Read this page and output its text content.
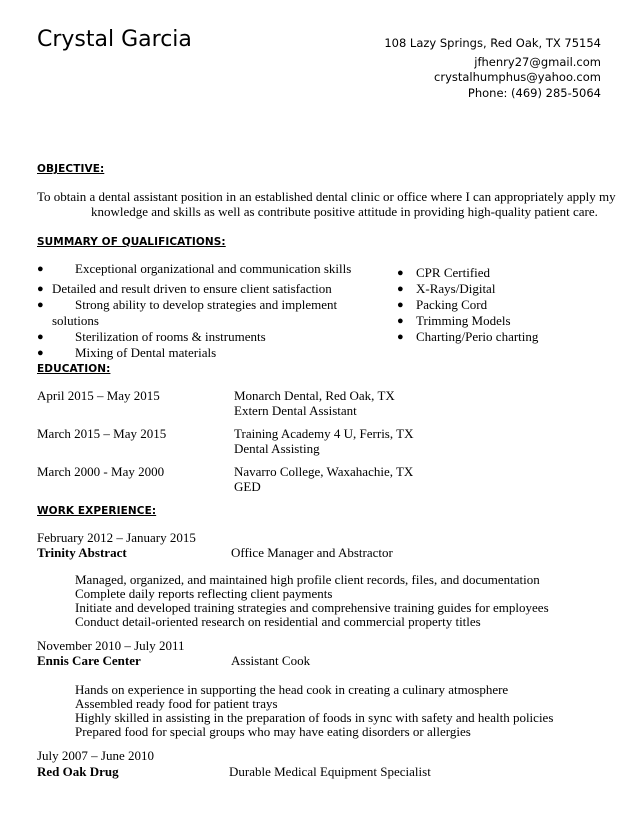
Crystal Garcia	108 Lazy Springs, Red Oak, TX 75154
jfhenry27@gmail.com
crystalhumphus@yahoo.com
Phone: (469) 285-5064
OBJECTIVE:
To obtain a dental assistant position in an established dental clinic or office where I can appropriately apply my
knowledge and skills as well as contribute positive attitude in providing high-quality patient care.
SUMMARY OF QUALIFICATIONS:
● Exceptional organizational and communication skills
● Detailed and result driven to ensure client satisfaction
● Strong ability to develop strategies and implement
solutions
● Sterilization of rooms & instruments
● Mixing of Dental materials
● CPR Certified
● X-Rays/Digital
● Packing Cord
● Trimming Models
● Charting/Perio charting
EDUCATION:
April 2015 – May 2015	Monarch Dental, Red Oak, TX
Extern Dental Assistant
March 2015 – May 2015	Training Academy 4 U, Ferris, TX
Dental Assisting
March 2000 - May 2000	Navarro College, Waxahachie, TX
GED
WORK EXPERIENCE:
February 2012 – January 2015
Trinity Abstract	Office Manager and Abstractor
Managed, organized, and maintained high profile client records, files, and documentation
Complete daily reports reflecting client payments
Initiate and developed training strategies and comprehensive training guides for employees
Conduct detail-oriented research on residential and commercial property titles
November 2010 – July 2011
Ennis Care Center	Assistant Cook
Hands on experience in supporting the head cook in creating a culinary atmosphere
Assembled ready food for patient trays
Highly skilled in assisting in the preparation of foods in sync with safety and health policies
Prepared food for special groups who may have eating disorders or allergies
July 2007 – June 2010
Red Oak Drug	Durable Medical Equipment Specialist
